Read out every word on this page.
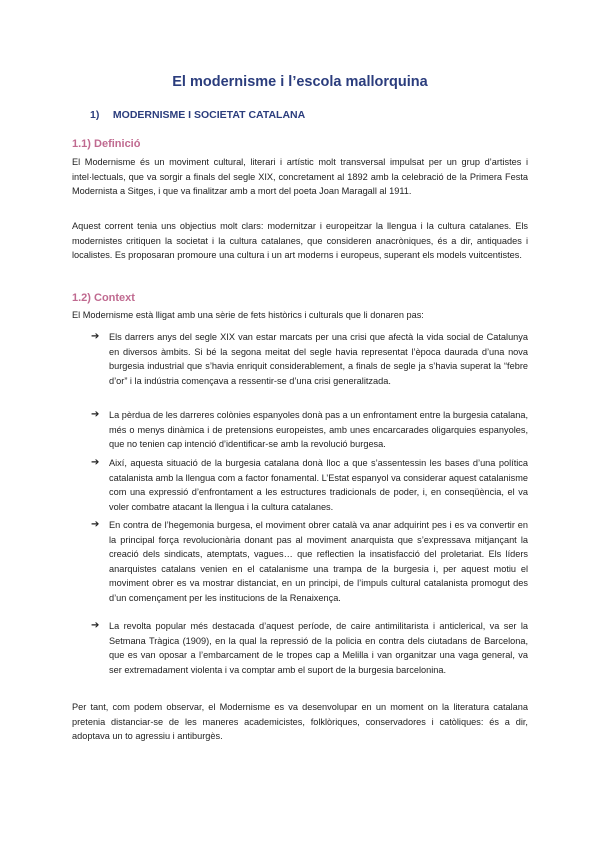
El modernisme i l’escola mallorquina
1) MODERNISME I SOCIETAT CATALANA
1.1) Definició

El Modernisme és un moviment cultural, literari i artístic molt transversal impulsat per un grup d’artistes i intel·lectuals, que va sorgir a finals del segle XIX, concretament al 1892 amb la celebració de la Primera Festa Modernista a Sitges, i que va finalitzar amb a mort del poeta Joan Maragall al 1911.

Aquest corrent tenia uns objectius molt clars: modernitzar i europeitzar la llengua i la cultura catalanes. Els modernistes critiquen la societat i la cultura catalanes, que consideren anacròniques, és a dir, antiquades i localistes. Es proposaran promoure una cultura i un art moderns i europeus, superant els models vuitcentistes.

1.2) Context

El Modernisme està lligat amb una sèrie de fets històrics i culturals que li donaren pas:

➔ Els darrers anys del segle XIX van estar marcats per una crisi que afectà la vida social de Catalunya en diversos àmbits. Si bé la segona meitat del segle havia representat l’època daurada d’una nova burgesia industrial que s’havia enriquit considerablement, a finals de segle ja s’havia superat la “febre d’or” i la indústria començava a ressentir-se d’una crisi generalitzada.

➔ La pèrdua de les darreres colònies espanyoles donà pas a un enfrontament entre la burgesia catalana, més o menys dinàmica i de pretensions europeistes, amb unes encarcarades oligarquies espanyoles, que no tenien cap intenció d’identificar-se amb la revolució burgesa.

➔ Així, aquesta situació de la burgesia catalana donà lloc a que s’assentessin les bases d’una política catalanista amb la llengua com a factor fonamental. L’Estat espanyol va considerar aquest catalanisme com una expressió d’enfrontament a les estructures tradicionals de poder, i, en conseqüència, el va voler combatre atacant la llengua i la cultura catalanes.

➔ En contra de l’hegemonia burgesa, el moviment obrer català va anar adquirint pes i es va convertir en la principal força revolucionària donant pas al moviment anarquista que s’expressava mitjançant la creació dels sindicats, atemptats, vagues… que reflectien la insatisfacció del proletariat. Els líders anarquistes catalans venien en el catalanisme una trampa de la burgesia i, per aquest motiu el moviment obrer es va mostrar distanciat, en un principi, de l’impuls cultural catalanista promogut des d’un començament per les institucions de la Renaixença.

➔ La revolta popular més destacada d’aquest període, de caire antimilitarista i anticlerical, va ser la Setmana Tràgica (1909), en la qual la repressió de la policia en contra dels ciutadans de Barcelona, que es van oposar a l’embarcament de le tropes cap a Melilla i van organitzar una vaga general, va ser extremadament violenta i va comptar amb el suport de la burgesia barcelonina.

Per tant, com podem observar, el Modernisme es va desenvolupar en un moment on la literatura catalana pretenia distanciar-se de les maneres academicistes, folklòriques, conservadores i catòliques: és a dir, adoptava un to agressiu i antiburgès.
